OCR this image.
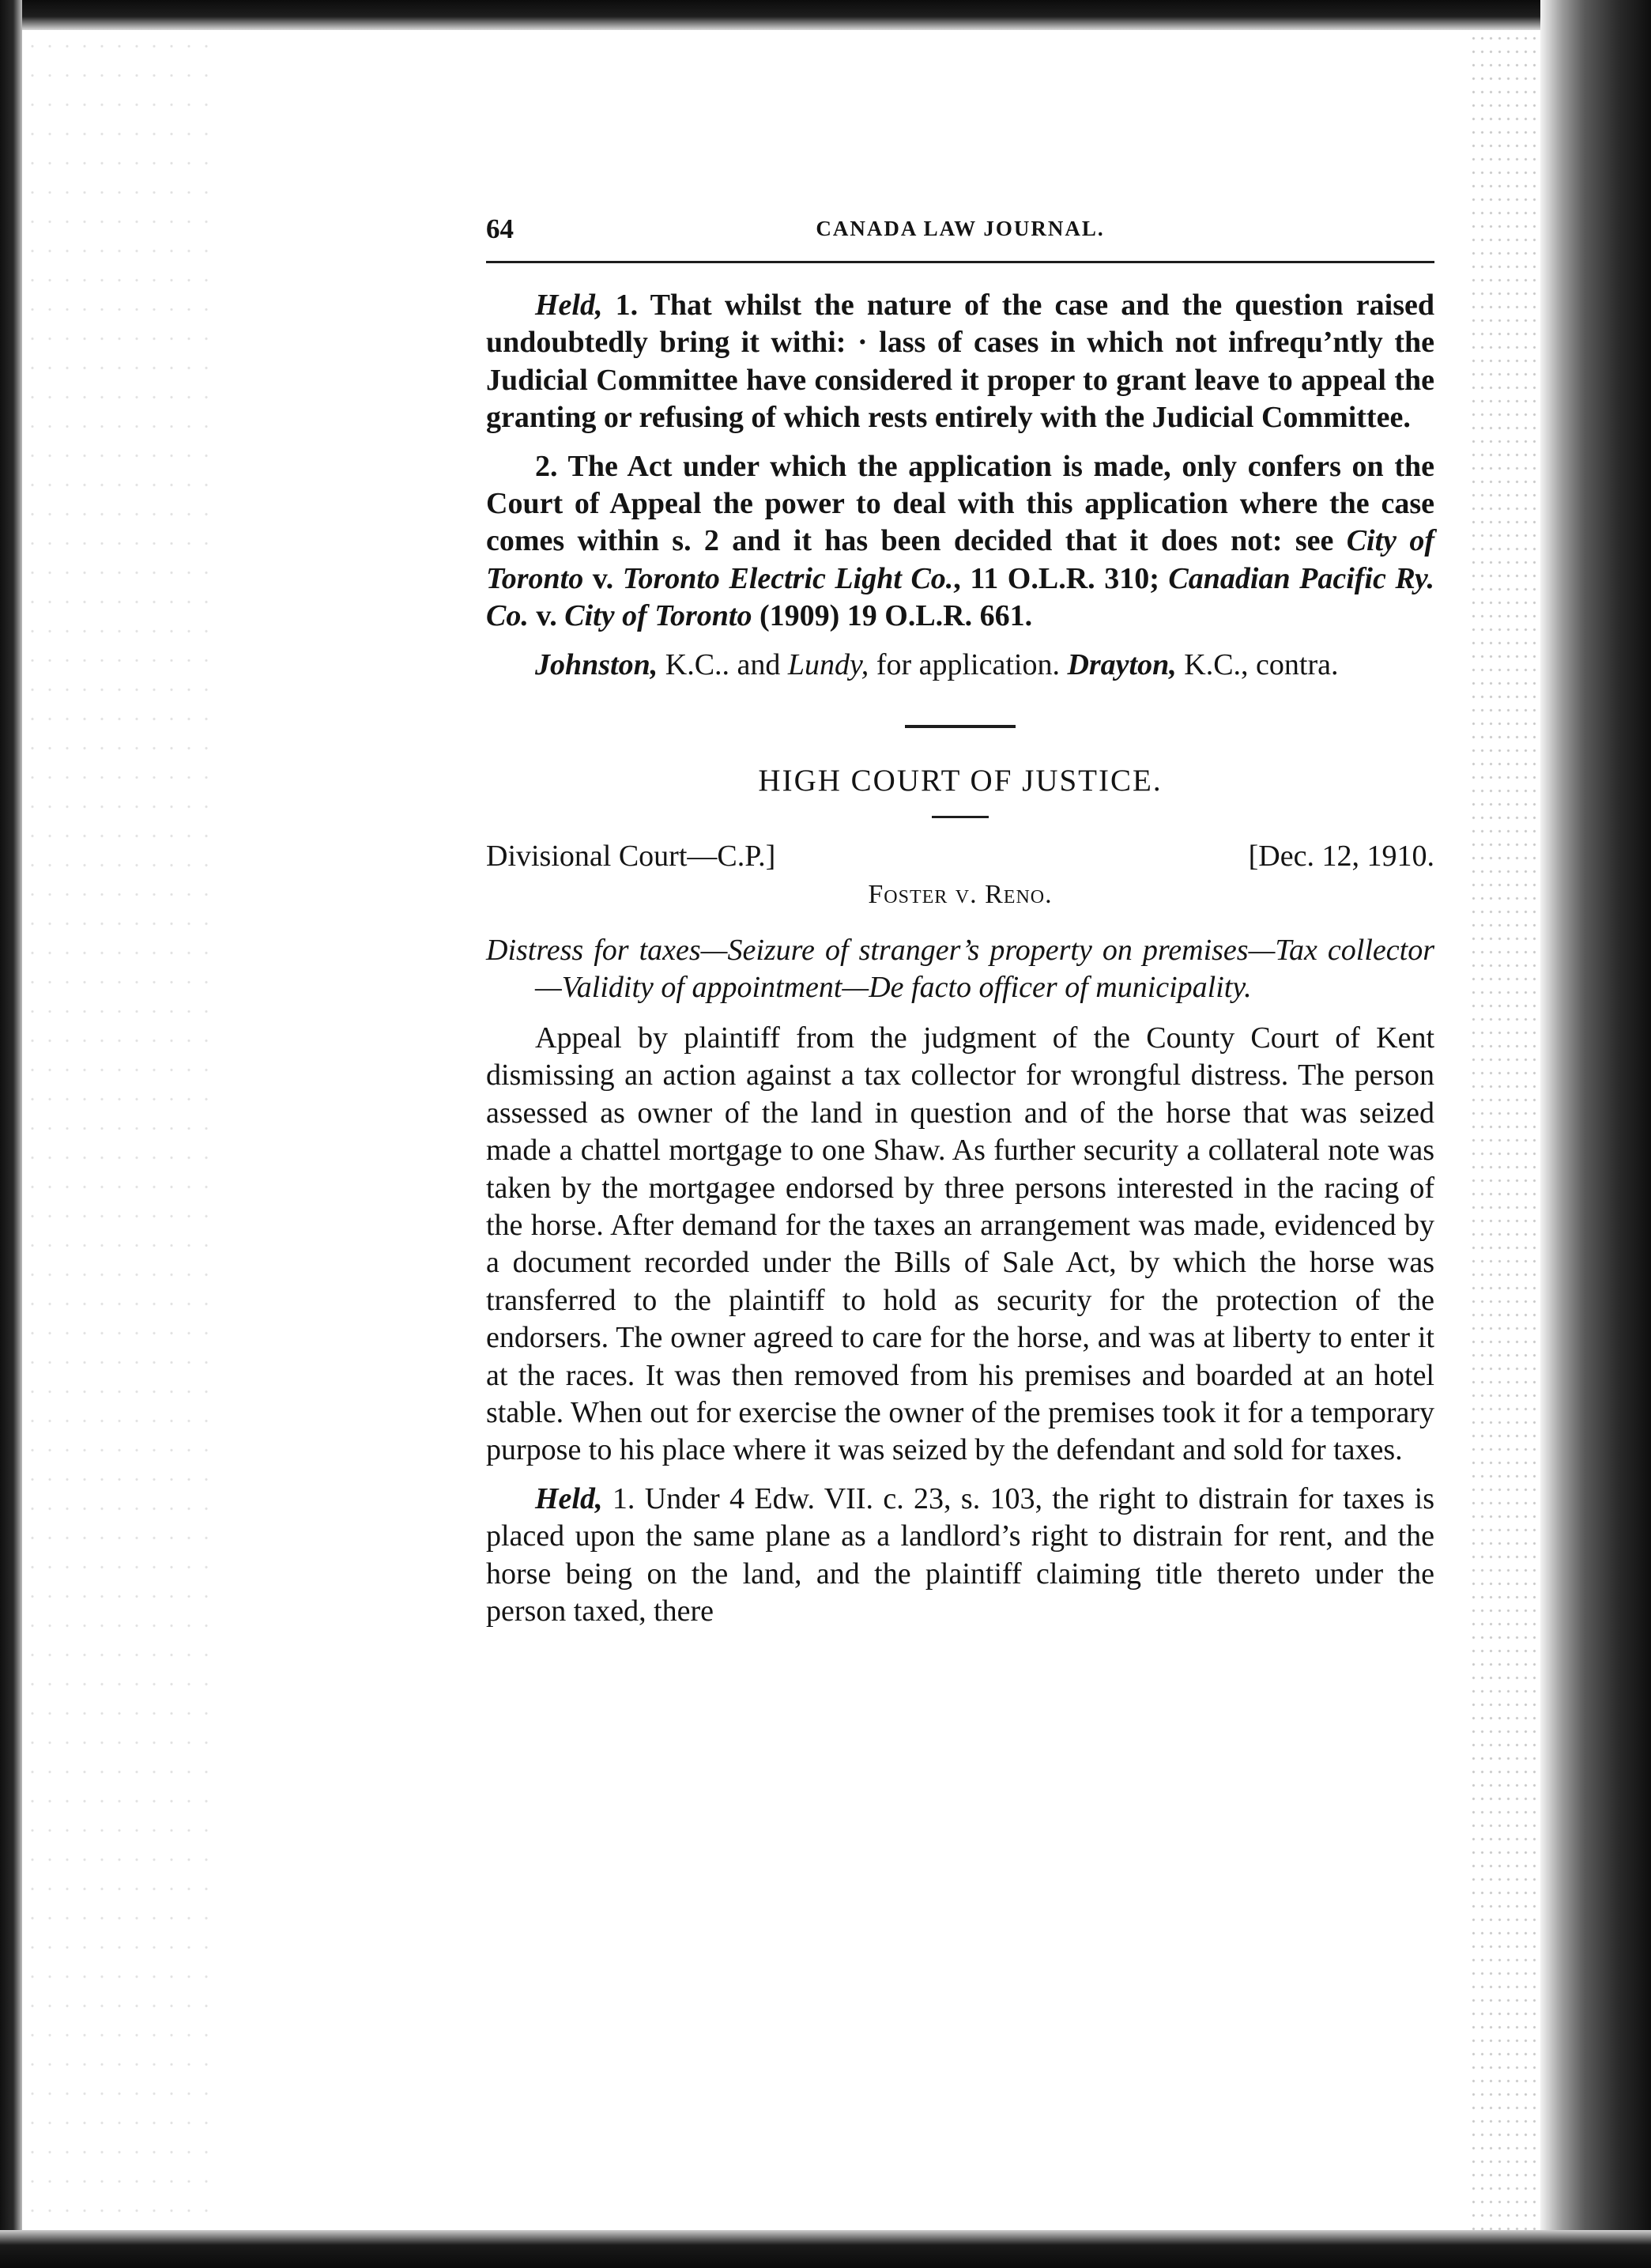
64	CANADA LAW JOURNAL.

Held, 1. That whilst the nature of the case and the question raised undoubtedly bring it withi: · lass of cases in which not infrequ’ntly the Judicial Committee have considered it proper to grant leave to appeal the granting or refusing of which rests entirely with the Judicial Committee.

2. The Act under which the application is made, only confers on the Court of Appeal the power to deal with this application where the case comes within s. 2 and it has been decided that it does not: see City of Toronto v. Toronto Electric Light Co., 11 O.L.R. 310; Canadian Pacific Ry. Co. v. City of Toronto (1909) 19 O.L.R. 661.

Johnston, K.C.. and Lundy, for application. Drayton, K.C., contra.

HIGH COURT OF JUSTICE.
Divisional Court—C.P.]	[Dec. 12, 1910.
Foster v. Reno.
Distress for taxes—Seizure of stranger’s property on premises—Tax collector—Validity of appointment—De facto officer of municipality.

Appeal by plaintiff from the judgment of the County Court of Kent dismissing an action against a tax collector for wrongful distress. The person assessed as owner of the land in question and of the horse that was seized made a chattel mortgage to one Shaw. As further security a collateral note was taken by the mortgagee endorsed by three persons interested in the racing of the horse. After demand for the taxes an arrangement was made, evidenced by a document recorded under the Bills of Sale Act, by which the horse was transferred to the plaintiff to hold as security for the protection of the endorsers. The owner agreed to care for the horse, and was at liberty to enter it at the races. It was then removed from his premises and boarded at an hotel stable. When out for exercise the owner of the premises took it for a temporary purpose to his place where it was seized by the defendant and sold for taxes.

Held, 1. Under 4 Edw. VII. c. 23, s. 103, the right to distrain for taxes is placed upon the same plane as a landlord’s right to distrain for rent, and the horse being on the land, and the plaintiff claiming title thereto under the person taxed, there
